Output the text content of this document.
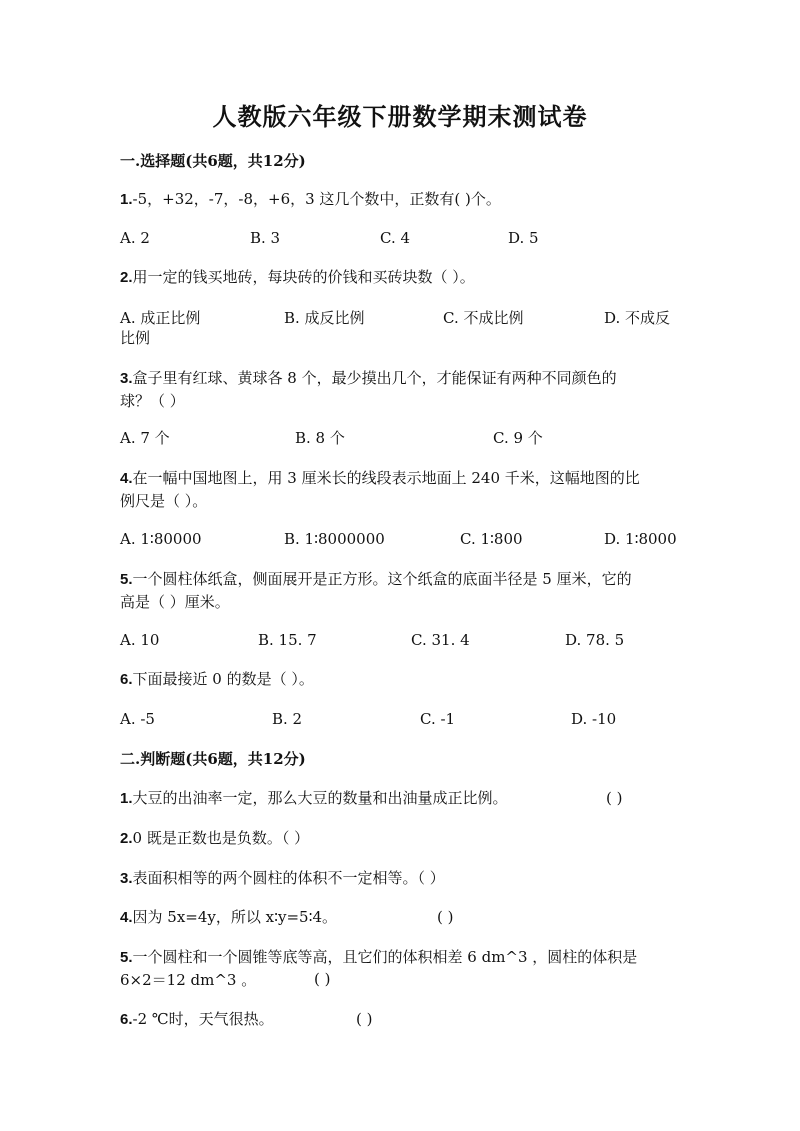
人教版六年级下册数学期末测试卷
一.选择题(共6题，共12分)
1.-5，+32，-7，-8，+6，3 这几个数中，正数有( )个。
A. 2	B. 3	C. 4	D. 5
2.用一定的钱买地砖，每块砖的价钱和买砖块数（ ）。
A. 成正比例	B. 成反比例	C. 不成比例	D. 不成反
比例
3.盒子里有红球、黄球各 8 个，最少摸出几个，才能保证有两种不同颜色的
球？（ ）
A. 7 个	B. 8 个	C. 9 个
4.在一幅中国地图上，用 3 厘米长的线段表示地面上 240 千米，这幅地图的比
例尺是（ ）。
A. 1∶80000	B. 1∶8000000	C. 1∶800	D. 1∶8000
5.一个圆柱体纸盒，侧面展开是正方形。这个纸盒的底面半径是 5 厘米，它的
高是（ ）厘米。
A. 10	B. 15. 7	C. 31. 4	D. 78. 5
6.下面最接近 0 的数是（ ）。
A. -5	B. 2	C. -1	D. -10
二.判断题(共6题，共12分)
1.大豆的出油率一定，那么大豆的数量和出油量成正比例。	( )
2.0 既是正数也是负数。（ ）
3.表面积相等的两个圆柱的体积不一定相等。（ ）
4.因为 5x=4y，所以 x∶y=5∶4。	( )
5.一个圆柱和一个圆锥等底等高，且它们的体积相差 6 dm^3 ，圆柱的体积是
6×2＝12 dm^3 。	( )
6.-2 ℃时，天气很热。	( )
